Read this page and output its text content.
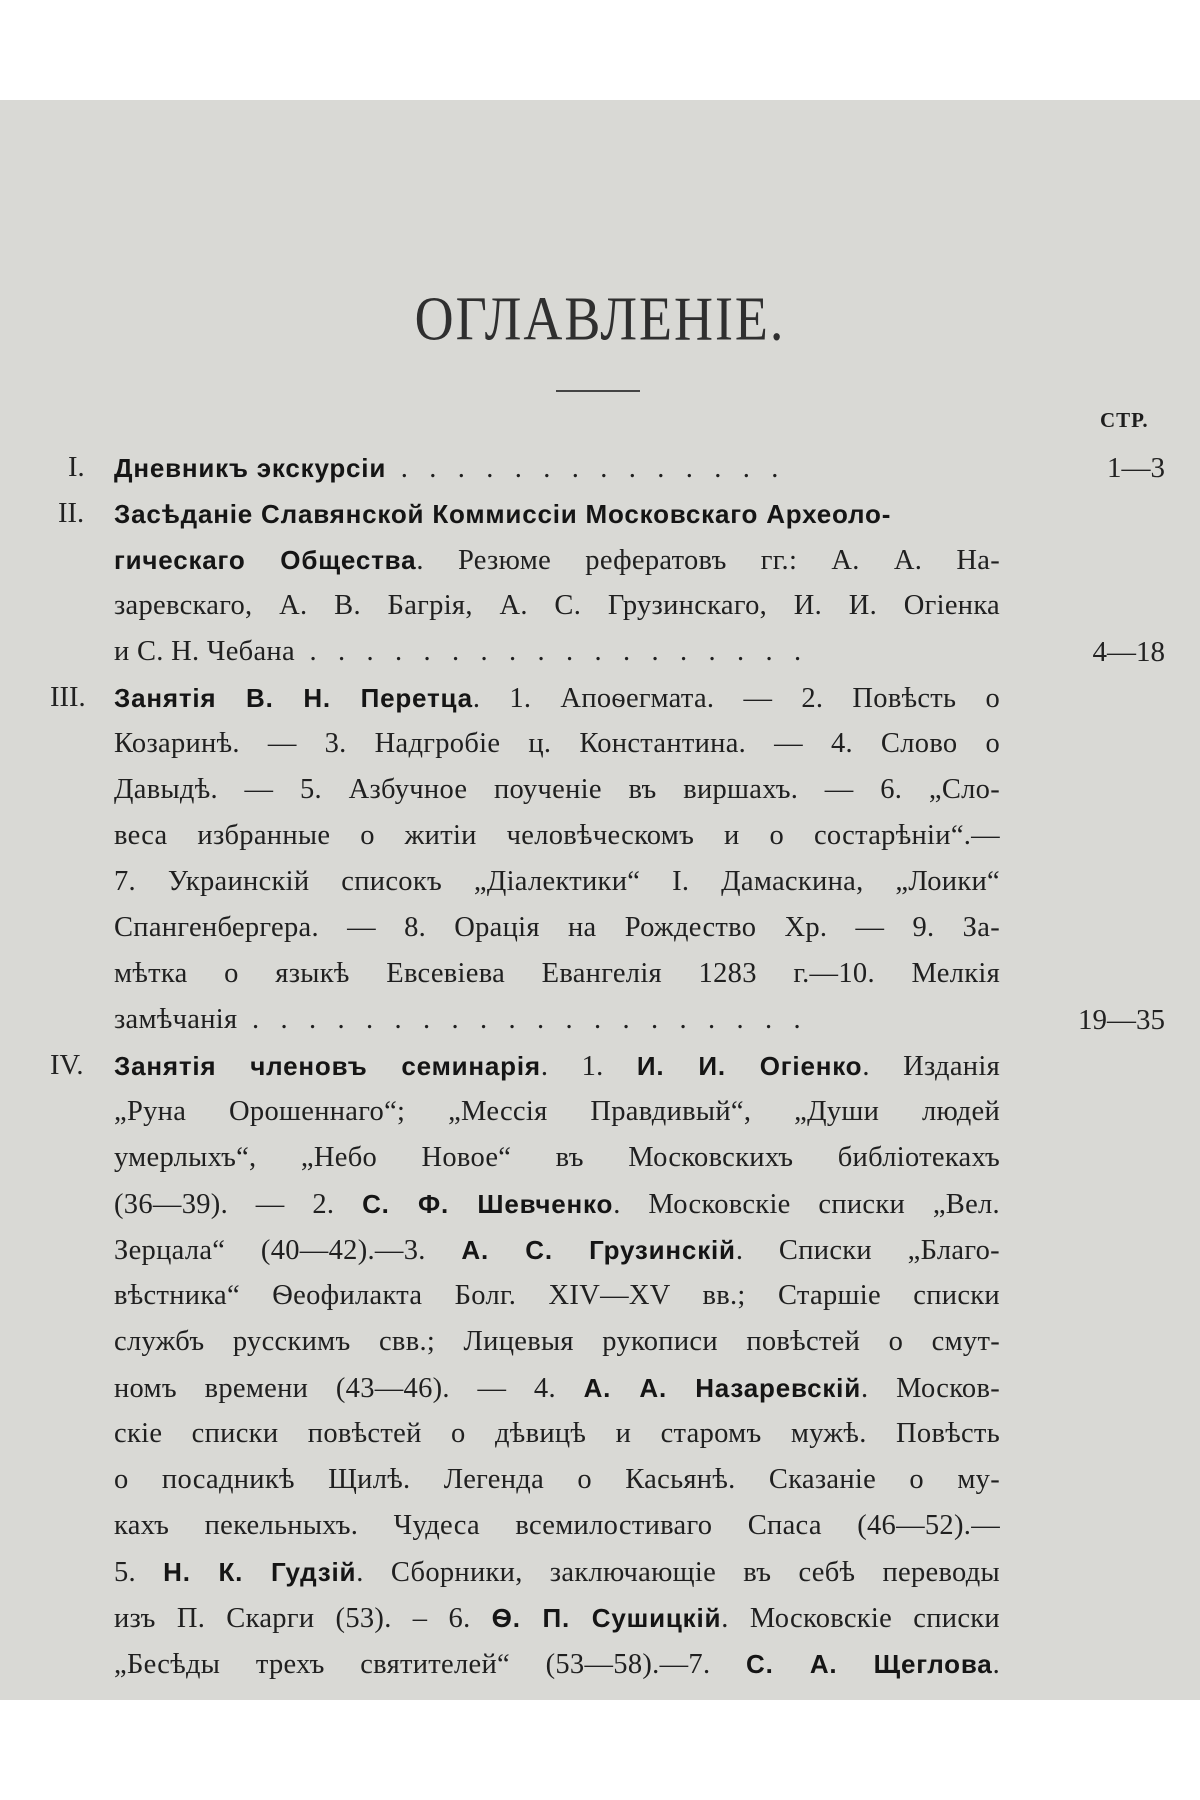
ОГЛАВЛЕНІЕ.
СТР.
I. Дневникъ экскурсіи  .   .   .   .   .   .   .   .   .   .   .   .   .   .	1—3
II. Засѣданіе Славянской Коммиссіи Московскаго Археоло-
гическаго Общества. Резюме рефератовъ гг.: А. А. На-
заревскаго, А. В. Багрія, А. С. Грузинскаго, И. И. Огіенка
и С. Н. Чебана  .   .   .   .   .   .   .   .   .   .   .   .   .   .   .   .   .   .	4—18
III. Занятія В. Н. Перетца. 1. Апоѳегмата. — 2. Повѣсть о
Козаринѣ. — 3. Надгробіе ц. Константина. — 4. Слово о
Давыдѣ. — 5. Азбучное поученіе въ виршахъ. — 6. „Сло-
веса избранные о житіи человѣческомъ и о состарѣніи“.—
7. Украинскій списокъ „Діалектики“ І. Дамаскина, „Лоики“
Спангенбергера. — 8. Орація на Рождество Хр. — 9. За-
мѣтка о языкѣ Евсевіева Евангелія 1283 г.—10. Мелкія
замѣчанія  .   .   .   .   .   .   .   .   .   .   .   .   .   .   .   .   .   .   .   .	19—35
IV. Занятія членовъ семинарія. 1. И. И. Огіенко. Изданія
„Руна Орошеннаго“; „Мессія Правдивый“, „Души людей
умерлыхъ“, „Небо Новое“ въ Московскихъ библіотекахъ
(36—39). — 2. С. Ф. Шевченко. Московскіе списки „Вел.
Зерцала“ (40—42).—3. А. С. Грузинскій. Списки „Благо-
вѣстника“ Ѳеофилакта Болг. XIV—XV вв.; Старшіе списки
службъ русскимъ свв.; Лицевыя рукописи повѣстей о смут-
номъ времени (43—46). — 4. А. А. Назаревскій. Москов-
скіе списки повѣстей о дѣвицѣ и старомъ мужѣ. Повѣсть
о посадникѣ Щилѣ. Легенда о Касьянѣ. Сказаніе о му-
кахъ пекельныхъ. Чудеса всемилостиваго Спаса (46—52).—
5. Н. К. Гудзій. Сборники, заключающіе въ себѣ переводы
изъ П. Скарги (53). – 6. Ѳ. П. Сушицкій. Московскіе списки
„Бесѣды трехъ святителей“ (53—58).—7. С. А. Щеглова.
